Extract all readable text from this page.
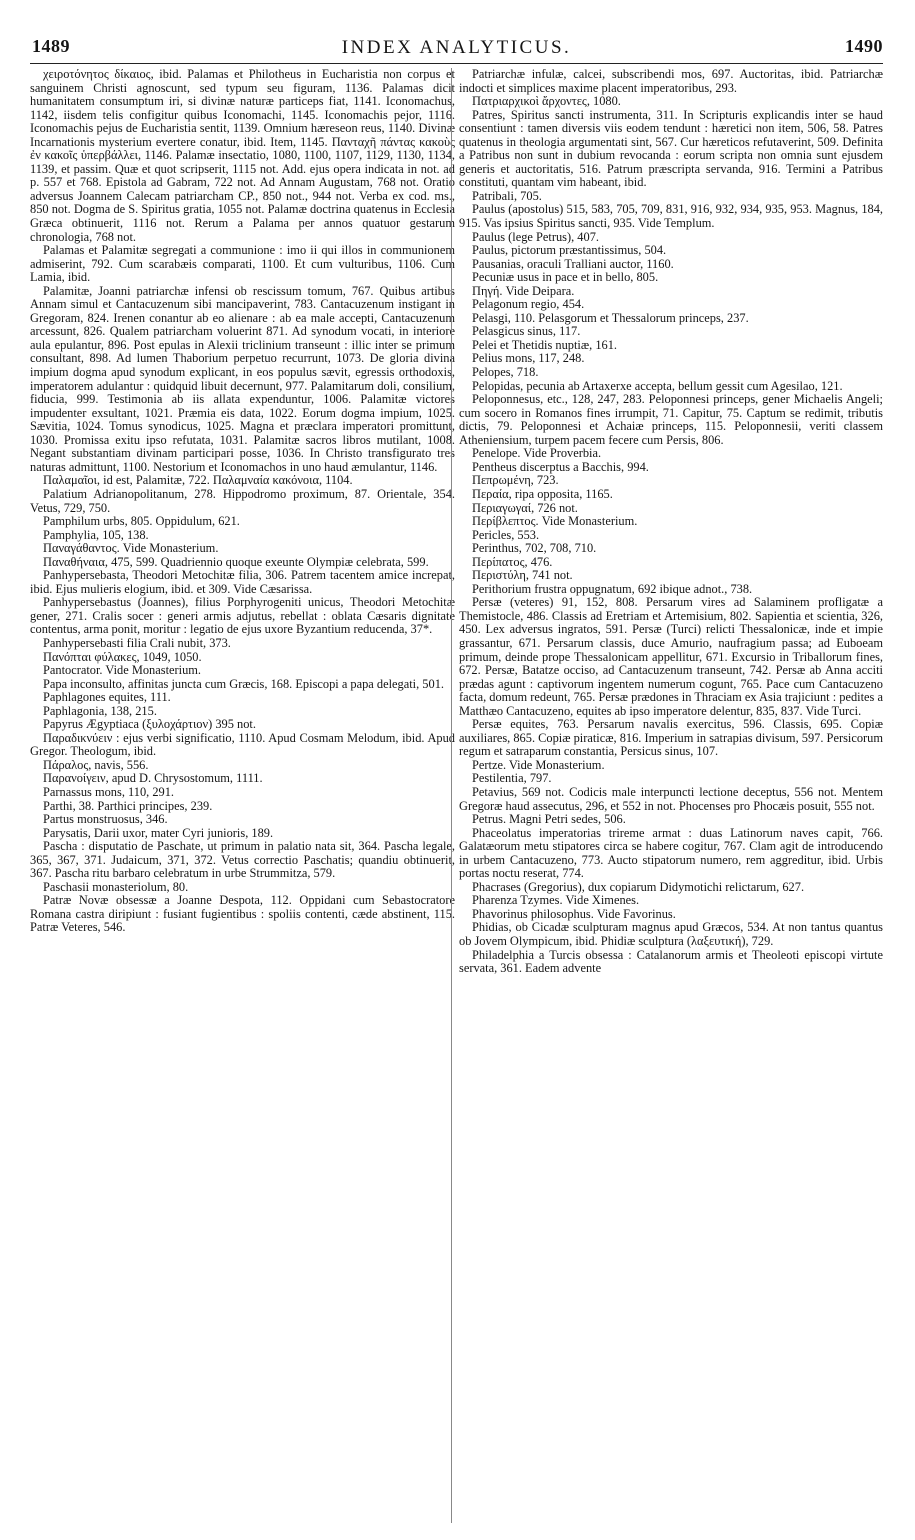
1489	INDEX ANALYTICUS.	1490

χειροτόνητος δίκαιος, ibid. Palamas et Philotheus in Eucharistia non corpus et sanguinem Christi agnoscunt, sed typum seu figuram, 1136. Palamas dicit humanitatem consumptum iri, si divinæ naturæ particeps fiat, 1141. Iconomachus, 1142, iisdem telis configitur quibus Iconomachi, 1145. Iconomachis pejor, 1116. Iconomachis pejus de Eucharistia sentit, 1139. Omnium hæreseon reus, 1140. Divinæ Incarnationis mysterium evertere conatur, ibid. Item, 1145. Πανταχῆ πάντας κακοὺς ἐν κακοῖς ὑπερβάλλει, 1146. Palamæ insectatio, 1080, 1100, 1107, 1129, 1130, 1134, 1139, et passim. Quæ et quot scripserit, 1115 not. Add. ejus opera indicata in not. ad p. 557 et 768. Epistola ad Gabram, 722 not. Ad Annam Augustam, 768 not. Oratio adversus Joannem Calecam patriarcham CP., 850 not., 944 not. Verba ex cod. ms., 850 not. Dogma de S. Spiritus gratia, 1055 not. Palamæ doctrina quatenus in Ecclesia Græca obtinuerit, 1116 not. Rerum a Palama per annos quatuor gestarum chronologia, 768 not.

Palamas et Palamitæ segregati a communione : imo ii qui illos in communionem admiserint, 792. Cum scarabæis comparati, 1100. Et cum vulturibus, 1106. Cum Lamia, ibid.

Palamitæ, Joanni patriarchæ infensi ob rescissum tomum, 767. Quibus artibus Annam simul et Cantacuzenum sibi mancipaverint, 783. Cantacuzenum instigant in Gregoram, 824. Irenen conantur ab eo alienare : ab ea male accepti, Cantacuzenum arcessunt, 826. Qualem patriarcham voluerint 871. Ad synodum vocati, in interiore aula epulantur, 896. Post epulas in Alexii triclinium transeunt : illic inter se primum consultant, 898. Ad lumen Thaborium perpetuo recurrunt, 1073. De gloria divina impium dogma apud synodum explicant, in eos populus sævit, egressis orthodoxis, imperatorem adulantur : quidquid libuit decernunt, 977. Palamitarum doli, consilium, fiducia, 999. Testimonia ab iis allata expenduntur, 1006. Palamitæ victores impudenter exsultant, 1021. Præmia eis data, 1022. Eorum dogma impium, 1025. Sævitia, 1024. Tomus synodicus, 1025. Magna et præclara imperatori promittunt, 1030. Promissa exitu ipso refutata, 1031. Palamitæ sacros libros mutilant, 1008. Negant substantiam divinam participari posse, 1036. In Christo transfigurato tres naturas admittunt, 1100. Nestorium et Iconomachos in uno haud æmulantur, 1146.

Παλαμαῖοι, id est, Palamitæ, 722. Παλαμναία κακόνοια, 1104.

Palatium Adrianopolitanum, 278. Hippodromo proximum, 87. Orientale, 354. Vetus, 729, 750.

Pamphilum urbs, 805. Oppidulum, 621.

Pamphylia, 105, 138.

Παναγάθαντος. Vide Monasterium.

Παναθήναια, 475, 599. Quadriennio quoque exeunte Olympiæ celebrata, 599.

Panhypersebasta, Theodori Metochitæ filia, 306. Patrem tacentem amice increpat, ibid. Ejus mulieris elogium, ibid. et 309. Vide Cæsarissa.

Panhypersebastus (Joannes), filius Porphyrogeniti unicus, Theodori Metochitæ gener, 271. Cralis socer : generi armis adjutus, rebellat : oblata Cæsaris dignitate contentus, arma ponit, moritur : legatio de ejus uxore Byzantium reducenda, 37*.

Panhypersebasti filia Crali nubit, 373.

Πανόπται φύλακες, 1049, 1050.

Pantocrator. Vide Monasterium.

Papa inconsulto, affinitas juncta cum Græcis, 168. Episcopi a papa delegati, 501.

Paphlagones equites, 111.

Paphlagonia, 138, 215.

Papyrus Ægyptiaca (ξυλοχάρτιον) 395 not.

Παραδικνύειν : ejus verbi significatio, 1110. Apud Cosmam Melodum, ibid. Apud Gregor. Theologum, ibid.

Πάραλος, navis, 556.

Παρανοίγειν, apud D. Chrysostomum, 1111.

Parnassus mons, 110, 291.

Parthi, 38. Parthici principes, 239.

Partus monstruosus, 346.

Parysatis, Darii uxor, mater Cyri junioris, 189.

Pascha : disputatio de Paschate, ut primum in palatio nata sit, 364. Pascha legale, 365, 367, 371. Judaicum, 371, 372. Vetus correctio Paschatis; quandiu obtinuerit, 367. Pascha ritu barbaro celebratum in urbe Strummitza, 579.

Paschasii monasteriolum, 80.

Patræ Novæ obsessæ a Joanne Despota, 112. Oppidani cum Sebastocratore Romana castra diripiunt : fusiant fugientibus : spoliis contenti, cæde abstinent, 115. Patræ Veteres, 546.

Patriarchæ infulæ, calcei, subscribendi mos, 697. Auctoritas, ibid. Patriarchæ indocti et simplices maxime placent imperatoribus, 293.

Πατριαρχικοὶ ἄρχοντες, 1080.

Patres, Spiritus sancti instrumenta, 311. In Scripturis explicandis inter se haud consentiunt : tamen diversis viis eodem tendunt : hæretici non item, 506, 58. Patres quatenus in theologia argumentati sint, 567. Cur hæreticos refutaverint, 509. Definita a Patribus non sunt in dubium revocanda : eorum scripta non omnia sunt ejusdem generis et auctoritatis, 516. Patrum præscripta servanda, 916. Termini a Patribus constituti, quantam vim habeant, ibid.

Patribali, 705.

Paulus (apostolus) 515, 583, 705, 709, 831, 916, 932, 934, 935, 953. Magnus, 184, 915. Vas ipsius Spiritus sancti, 935. Vide Templum.

Paulus (lege Petrus), 407.

Paulus, pictorum præstantissimus, 504.

Pausanias, oraculi Tralliani auctor, 1160.

Pecuniæ usus in pace et in bello, 805.

Πηγή. Vide Deipara.

Pelagonum regio, 454.

Pelasgi, 110. Pelasgorum et Thessalorum princeps, 237.

Pelasgicus sinus, 117.

Pelei et Thetidis nuptiæ, 161.

Pelius mons, 117, 248.

Pelopes, 718.

Pelopidas, pecunia ab Artaxerxe accepta, bellum gessit cum Agesilao, 121.

Peloponnesus, etc., 128, 247, 283. Peloponnesi princeps, gener Michaelis Angeli; cum socero in Romanos fines irrumpit, 71. Capitur, 75. Captum se redimit, tributis dictis, 79. Peloponnesi et Achaiæ princeps, 115. Peloponnesii, veriti classem Atheniensium, turpem pacem fecere cum Persis, 806.

Penelope. Vide Proverbia.

Pentheus discerptus a Bacchis, 994.

Πεπρωμένη, 723.

Περαία, ripa opposita, 1165.

Περιαγωγαί, 726 not.

Περίβλεπτος. Vide Monasterium.

Pericles, 553.

Perinthus, 702, 708, 710.

Περίπατος, 476.

Περιστύλη, 741 not.

Perithorium frustra oppugnatum, 692 ibique adnot., 738.

Persæ (veteres) 91, 152, 808. Persarum vires ad Salaminem profligatæ a Themistocle, 486. Classis ad Eretriam et Artemisium, 802. Sapientia et scientia, 326, 450. Lex adversus ingratos, 591. Persæ (Turci) relicti Thessalonicæ, inde et impie grassantur, 671. Persarum classis, duce Amurio, naufragium passa; ad Euboeam primum, deinde prope Thessalonicam appellitur, 671. Excursio in Triballorum fines, 672. Persæ, Batatze occiso, ad Cantacuzenum transeunt, 742. Persæ ab Anna acciti prædas agunt : captivorum ingentem numerum cogunt, 765. Pace cum Cantacuzeno facta, domum redeunt, 765. Persæ prædones in Thraciam ex Asia trajiciunt : pedites a Matthæo Cantacuzeno, equites ab ipso imperatore delentur, 835, 837. Vide Turci.

Persæ equites, 763. Persarum navalis exercitus, 596. Classis, 695. Copiæ auxiliares, 865. Copiæ piraticæ, 816. Imperium in satrapias divisum, 597. Persicorum regum et satraparum constantia, Persicus sinus, 107.

Pertze. Vide Monasterium.

Pestilentia, 797.

Petavius, 569 not. Codicis male interpuncti lectione deceptus, 556 not. Mentem Gregoræ haud assecutus, 296, et 552 in not. Phocenses pro Phocæis posuit, 555 not.

Petrus. Magni Petri sedes, 506.

Phaceolatus imperatorias trireme armat : duas Latinorum naves capit, 766. Galatæorum metu stipatores circa se habere cogitur, 767. Clam agit de introducendo in urbem Cantacuzeno, 773. Aucto stipatorum numero, rem aggreditur, ibid. Urbis portas noctu reserat, 774.

Phacrases (Gregorius), dux copiarum Didymotichi relictarum, 627.

Pharenza Tzymes. Vide Ximenes.

Phavorinus philosophus. Vide Favorinus.

Phidias, ob Cicadæ sculpturam magnus apud Græcos, 534. At non tantus quantus ob Jovem Olympicum, ibid. Phidiæ sculptura (λαξευτική), 729.

Philadelphia a Turcis obsessa : Catalanorum armis et Theoleoti episcopi virtute servata, 361. Eadem advente
